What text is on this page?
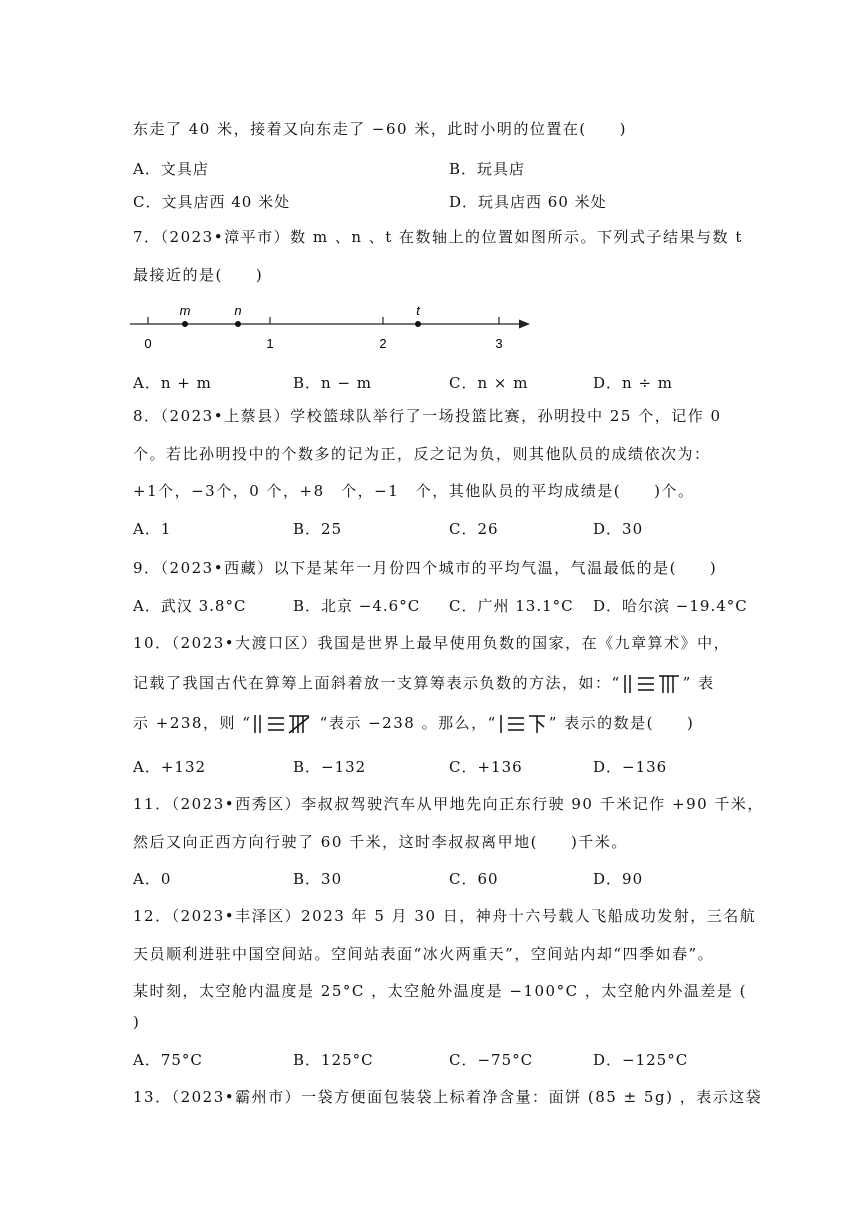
东走了 40 米，接着又向东走了 −60 米，此时小明的位置在(　　)
A．文具店	B．玩具店
C．文具店西 40 米处	D．玩具店西 60 米处
7．（2023•漳平市）数 m 、n 、t 在数轴上的位置如图所示。下列式子结果与数 t
最接近的是(　　)
m	n	t
0	1	2	3
A．n + m	B．n − m	C．n × m	D．n ÷ m
8．（2023•上蔡县）学校篮球队举行了一场投篮比赛，孙明投中 25 个，记作 0
个。若比孙明投中的个数多的记为正，反之记为负，则其他队员的成绩依次为：
+1个，−3个，0 个，+8　个，−1　个，其他队员的平均成绩是(　　)个。
A．1	B．25	C．26	D．30
9．（2023•西藏）以下是某年一月份四个城市的平均气温，气温最低的是(　　)
A．武汉 3.8°C	B．北京 −4.6°C C．广州 13.1°C D．哈尔滨 −19.4°C
10．（2023•大渡口区）我国是世界上最早使用负数的国家，在《九章算术》中，
记载了我国古代在算筹上面斜着放一支算筹表示负数的方法，如：“	” 表
示 +238，则 “	“表示 −238 。那么，“	” 表示的数是(　　)
A．+132	B．−132	C．+136	D．−136
11．（2023•西秀区）李叔叔驾驶汽车从甲地先向正东行驶 90 千米记作 +90 千米，
然后又向正西方向行驶了 60 千米，这时李叔叔离甲地(　　)千米。
A．0	B．30	C．60	D．90
12．（2023•丰泽区）2023 年 5 月 30 日，神舟十六号载人飞船成功发射，三名航
天员顺利进驻中国空间站。空间站表面“冰火两重天”，空间站内却“四季如春”。
某时刻，太空舱内温度是 25°C ，太空舱外温度是 −100°C ，太空舱内外温差是 (
)
A．75°C	B．125°C	C．−75°C	D．−125°C
13．（2023•霸州市）一袋方便面包装袋上标着净含量：面饼 (85 ± 5g) ，表示这袋
